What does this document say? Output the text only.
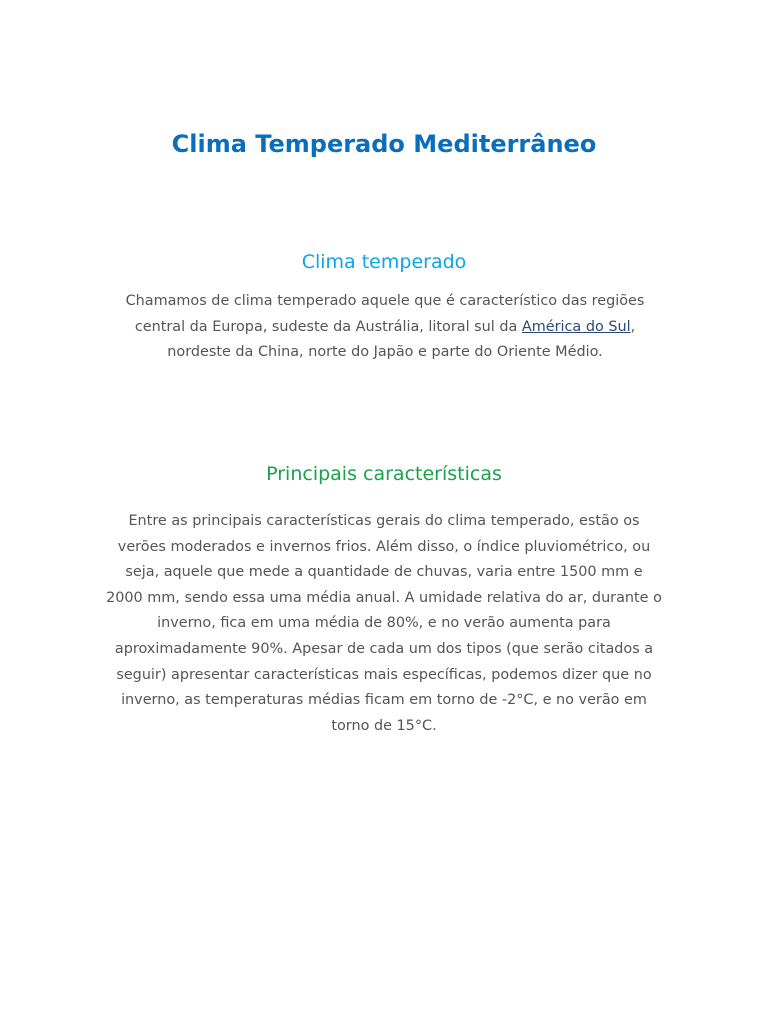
Clima Temperado Mediterrâneo
Clima temperado

Chamamos de clima temperado aquele que é característico das regiões central da Europa, sudeste da Austrália, litoral sul da América do Sul, nordeste da China, norte do Japão e parte do Oriente Médio.

Principais características

Entre as principais características gerais do clima temperado, estão os verões moderados e invernos frios. Além disso, o índice pluviométrico, ou seja, aquele que mede a quantidade de chuvas, varia entre 1500 mm e 2000 mm, sendo essa uma média anual. A umidade relativa do ar, durante o inverno, fica em uma média de 80%, e no verão aumenta para aproximadamente 90%. Apesar de cada um dos tipos (que serão citados a seguir) apresentar características mais específicas, podemos dizer que no inverno, as temperaturas médias ficam em torno de -2°C, e no verão em torno de 15°C.
